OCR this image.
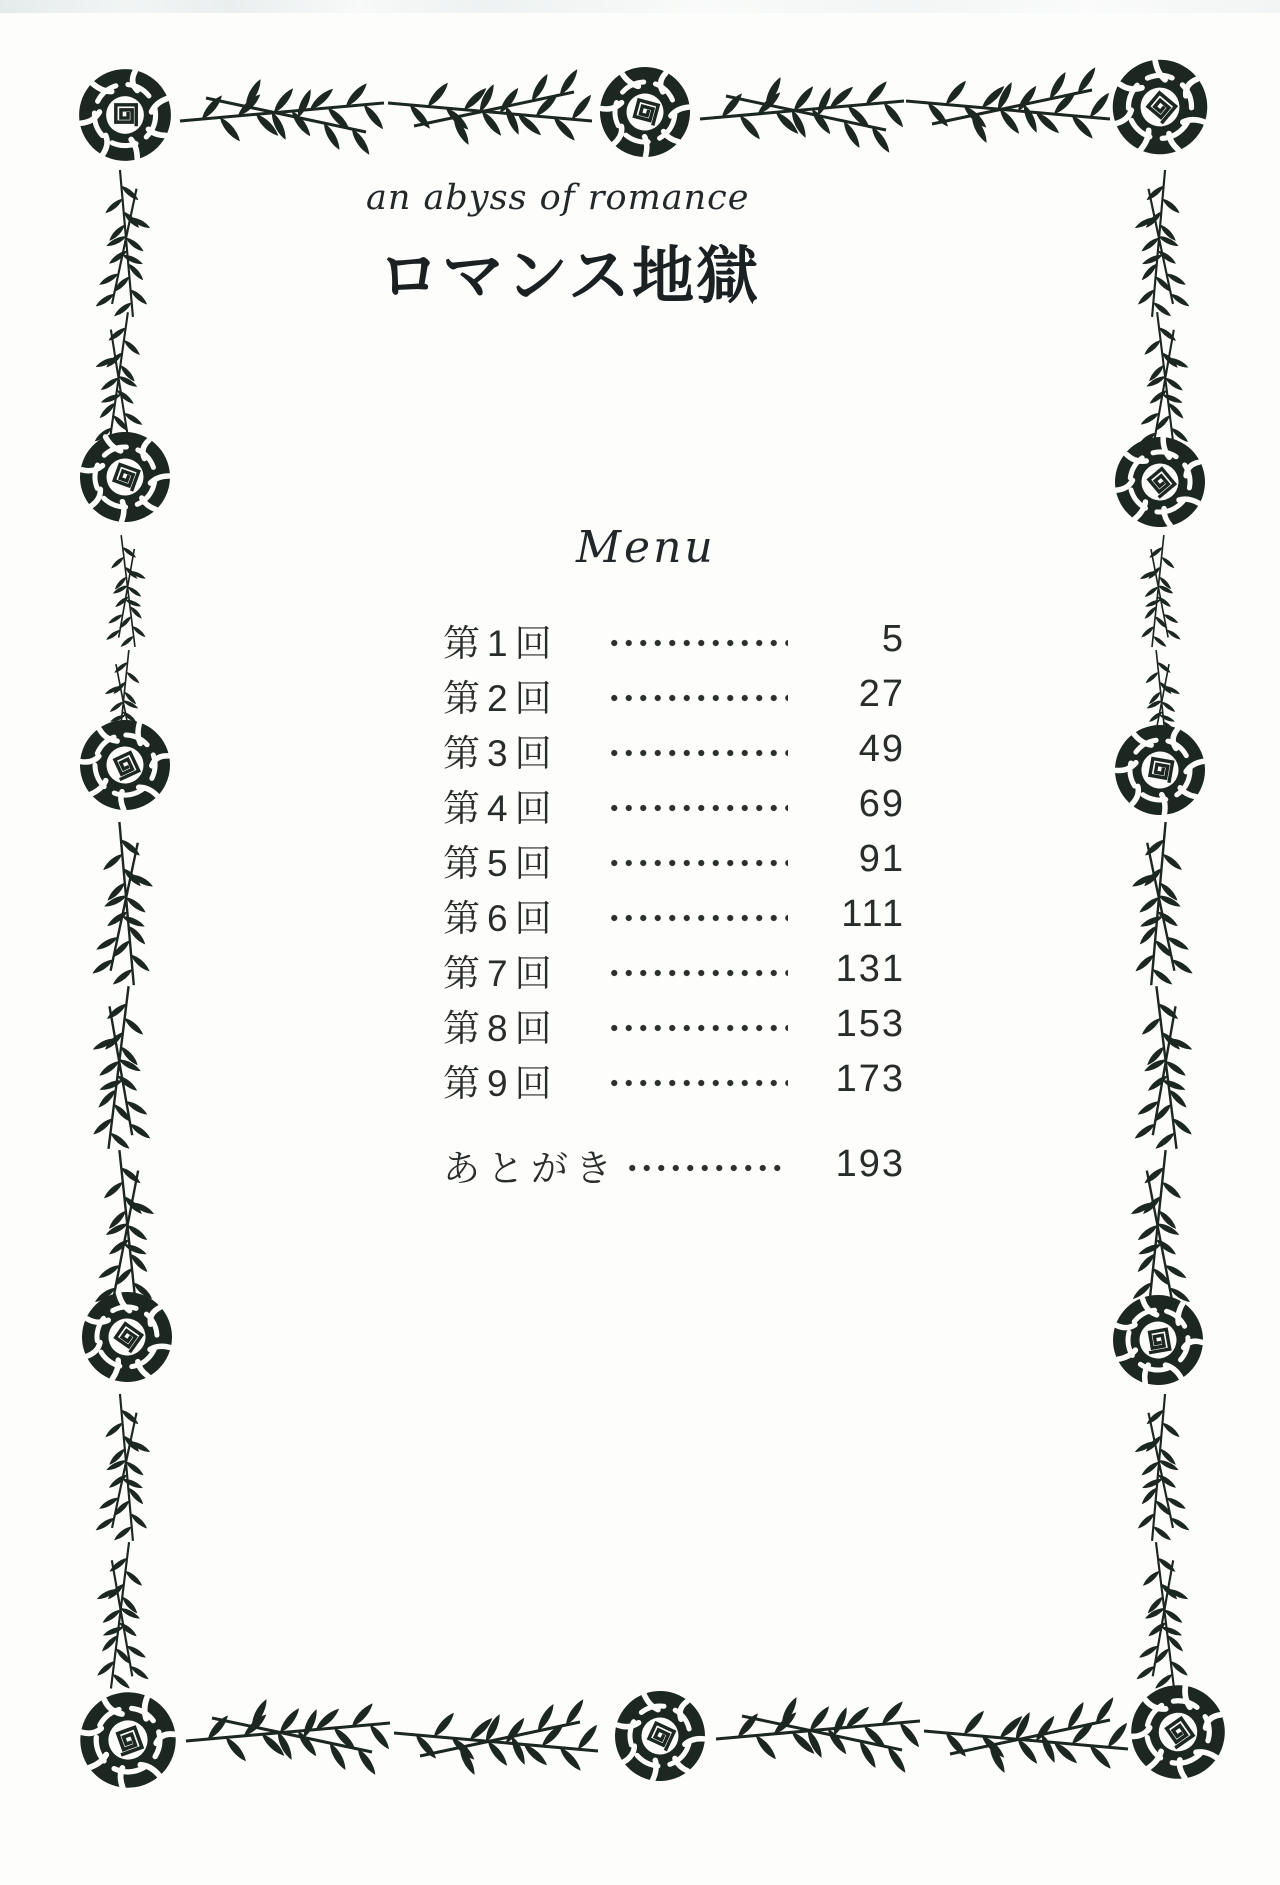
an abyss of romance
ロマンス地獄
Menu
第1回	5
第2回	27
第3回	49
第4回	69
第5回	91
第6回	111
第7回	131
第8回	153
第9回	173
あとがき	193
